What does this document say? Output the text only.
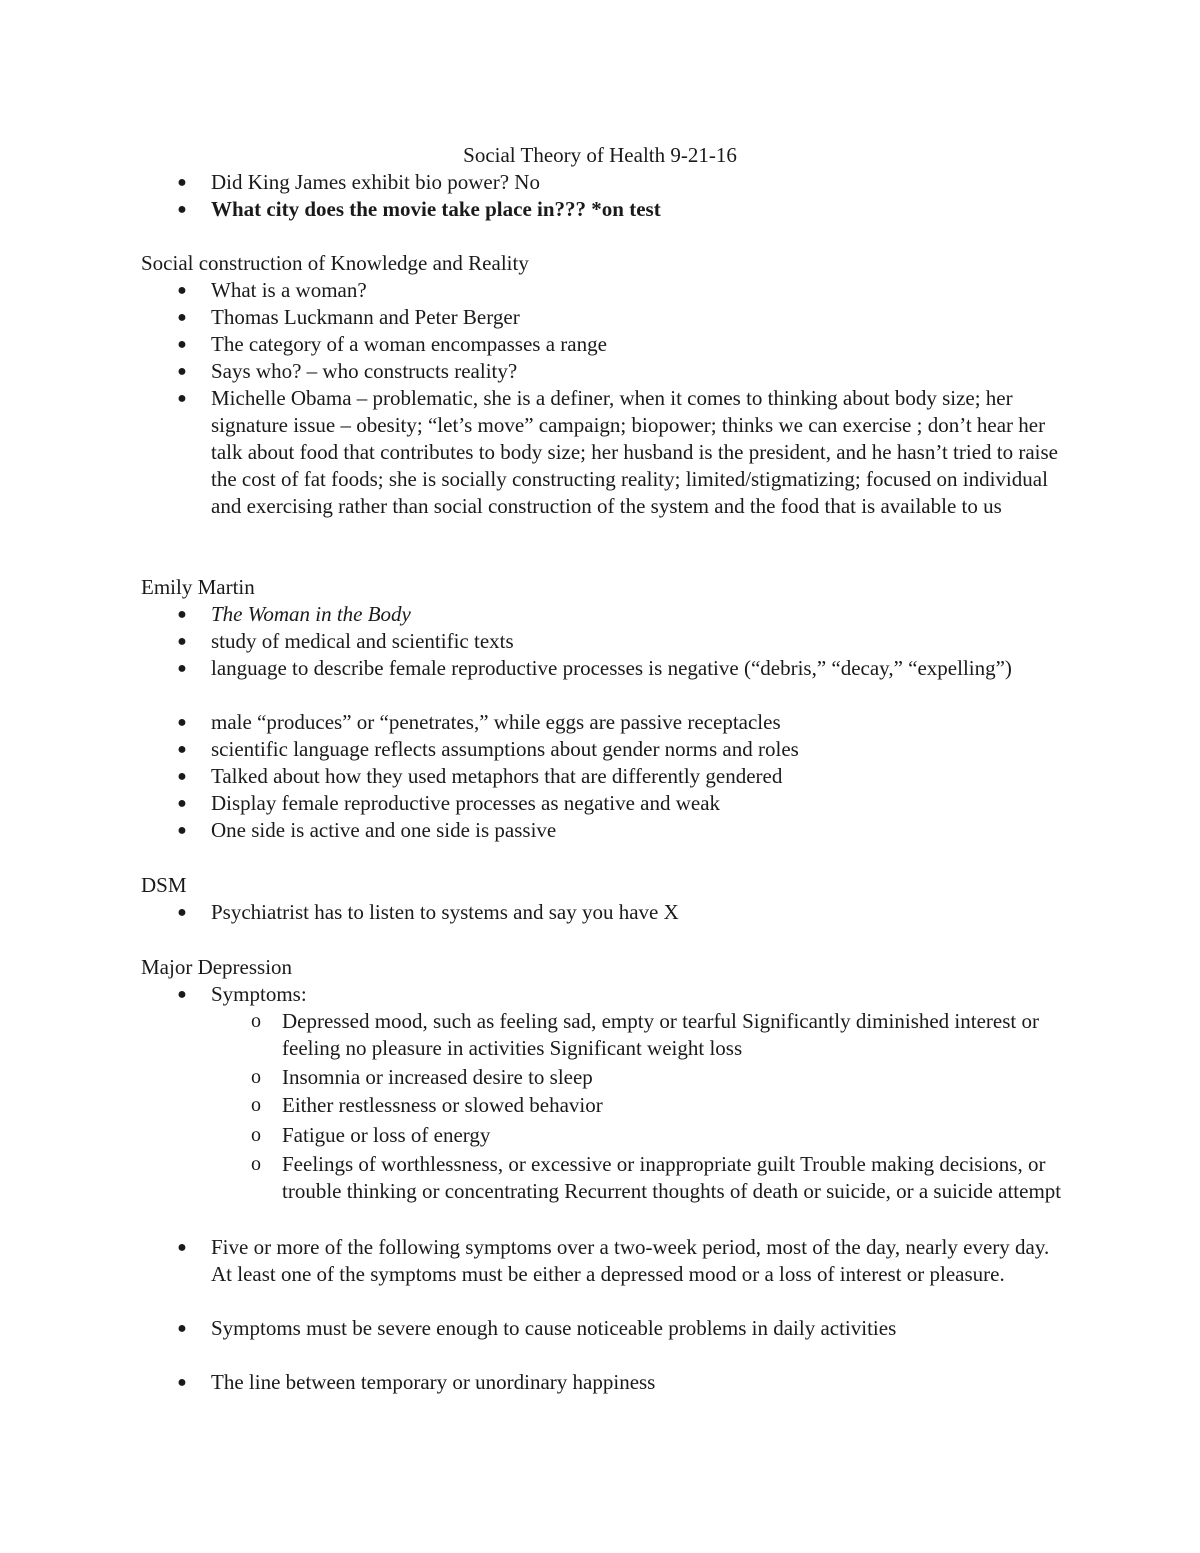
Social Theory of Health 9-21-16
● Did King James exhibit bio power? No
● What city does the movie take place in??? *on test
Social construction of Knowledge and Reality
● What is a woman?
● Thomas Luckmann and Peter Berger
● The category of a woman encompasses a range
● Says who? – who constructs reality?
● Michelle Obama – problematic, she is a definer, when it comes to thinking about body size; her signature issue – obesity; “let’s move” campaign; biopower; thinks we can exercise ; don’t hear her talk about food that contributes to body size; her husband is the president, and he hasn’t tried to raise the cost of fat foods; she is socially constructing reality; limited/stigmatizing; focused on individual and exercising rather than social construction of the system and the food that is available to us
Emily Martin
● The Woman in the Body
● study of medical and scientific texts
● language to describe female reproductive processes is negative (“debris,” “decay,” “expelling”)
● male “produces” or “penetrates,” while eggs are passive receptacles
● scientific language reflects assumptions about gender norms and roles
● Talked about how they used metaphors that are differently gendered
● Display female reproductive processes as negative and weak
● One side is active and one side is passive
DSM
● Psychiatrist has to listen to systems and say you have X
Major Depression
● Symptoms:
o Depressed mood, such as feeling sad, empty or tearful Significantly diminished interest or feeling no pleasure in activities Significant weight loss
o Insomnia or increased desire to sleep
o Either restlessness or slowed behavior
o Fatigue or loss of energy
o Feelings of worthlessness, or excessive or inappropriate guilt Trouble making decisions, or trouble thinking or concentrating Recurrent thoughts of death or suicide, or a suicide attempt
● Five or more of the following symptoms over a two-week period, most of the day, nearly every day. At least one of the symptoms must be either a depressed mood or a loss of interest or pleasure.
● Symptoms must be severe enough to cause noticeable problems in daily activities
● The line between temporary or unordinary happiness
